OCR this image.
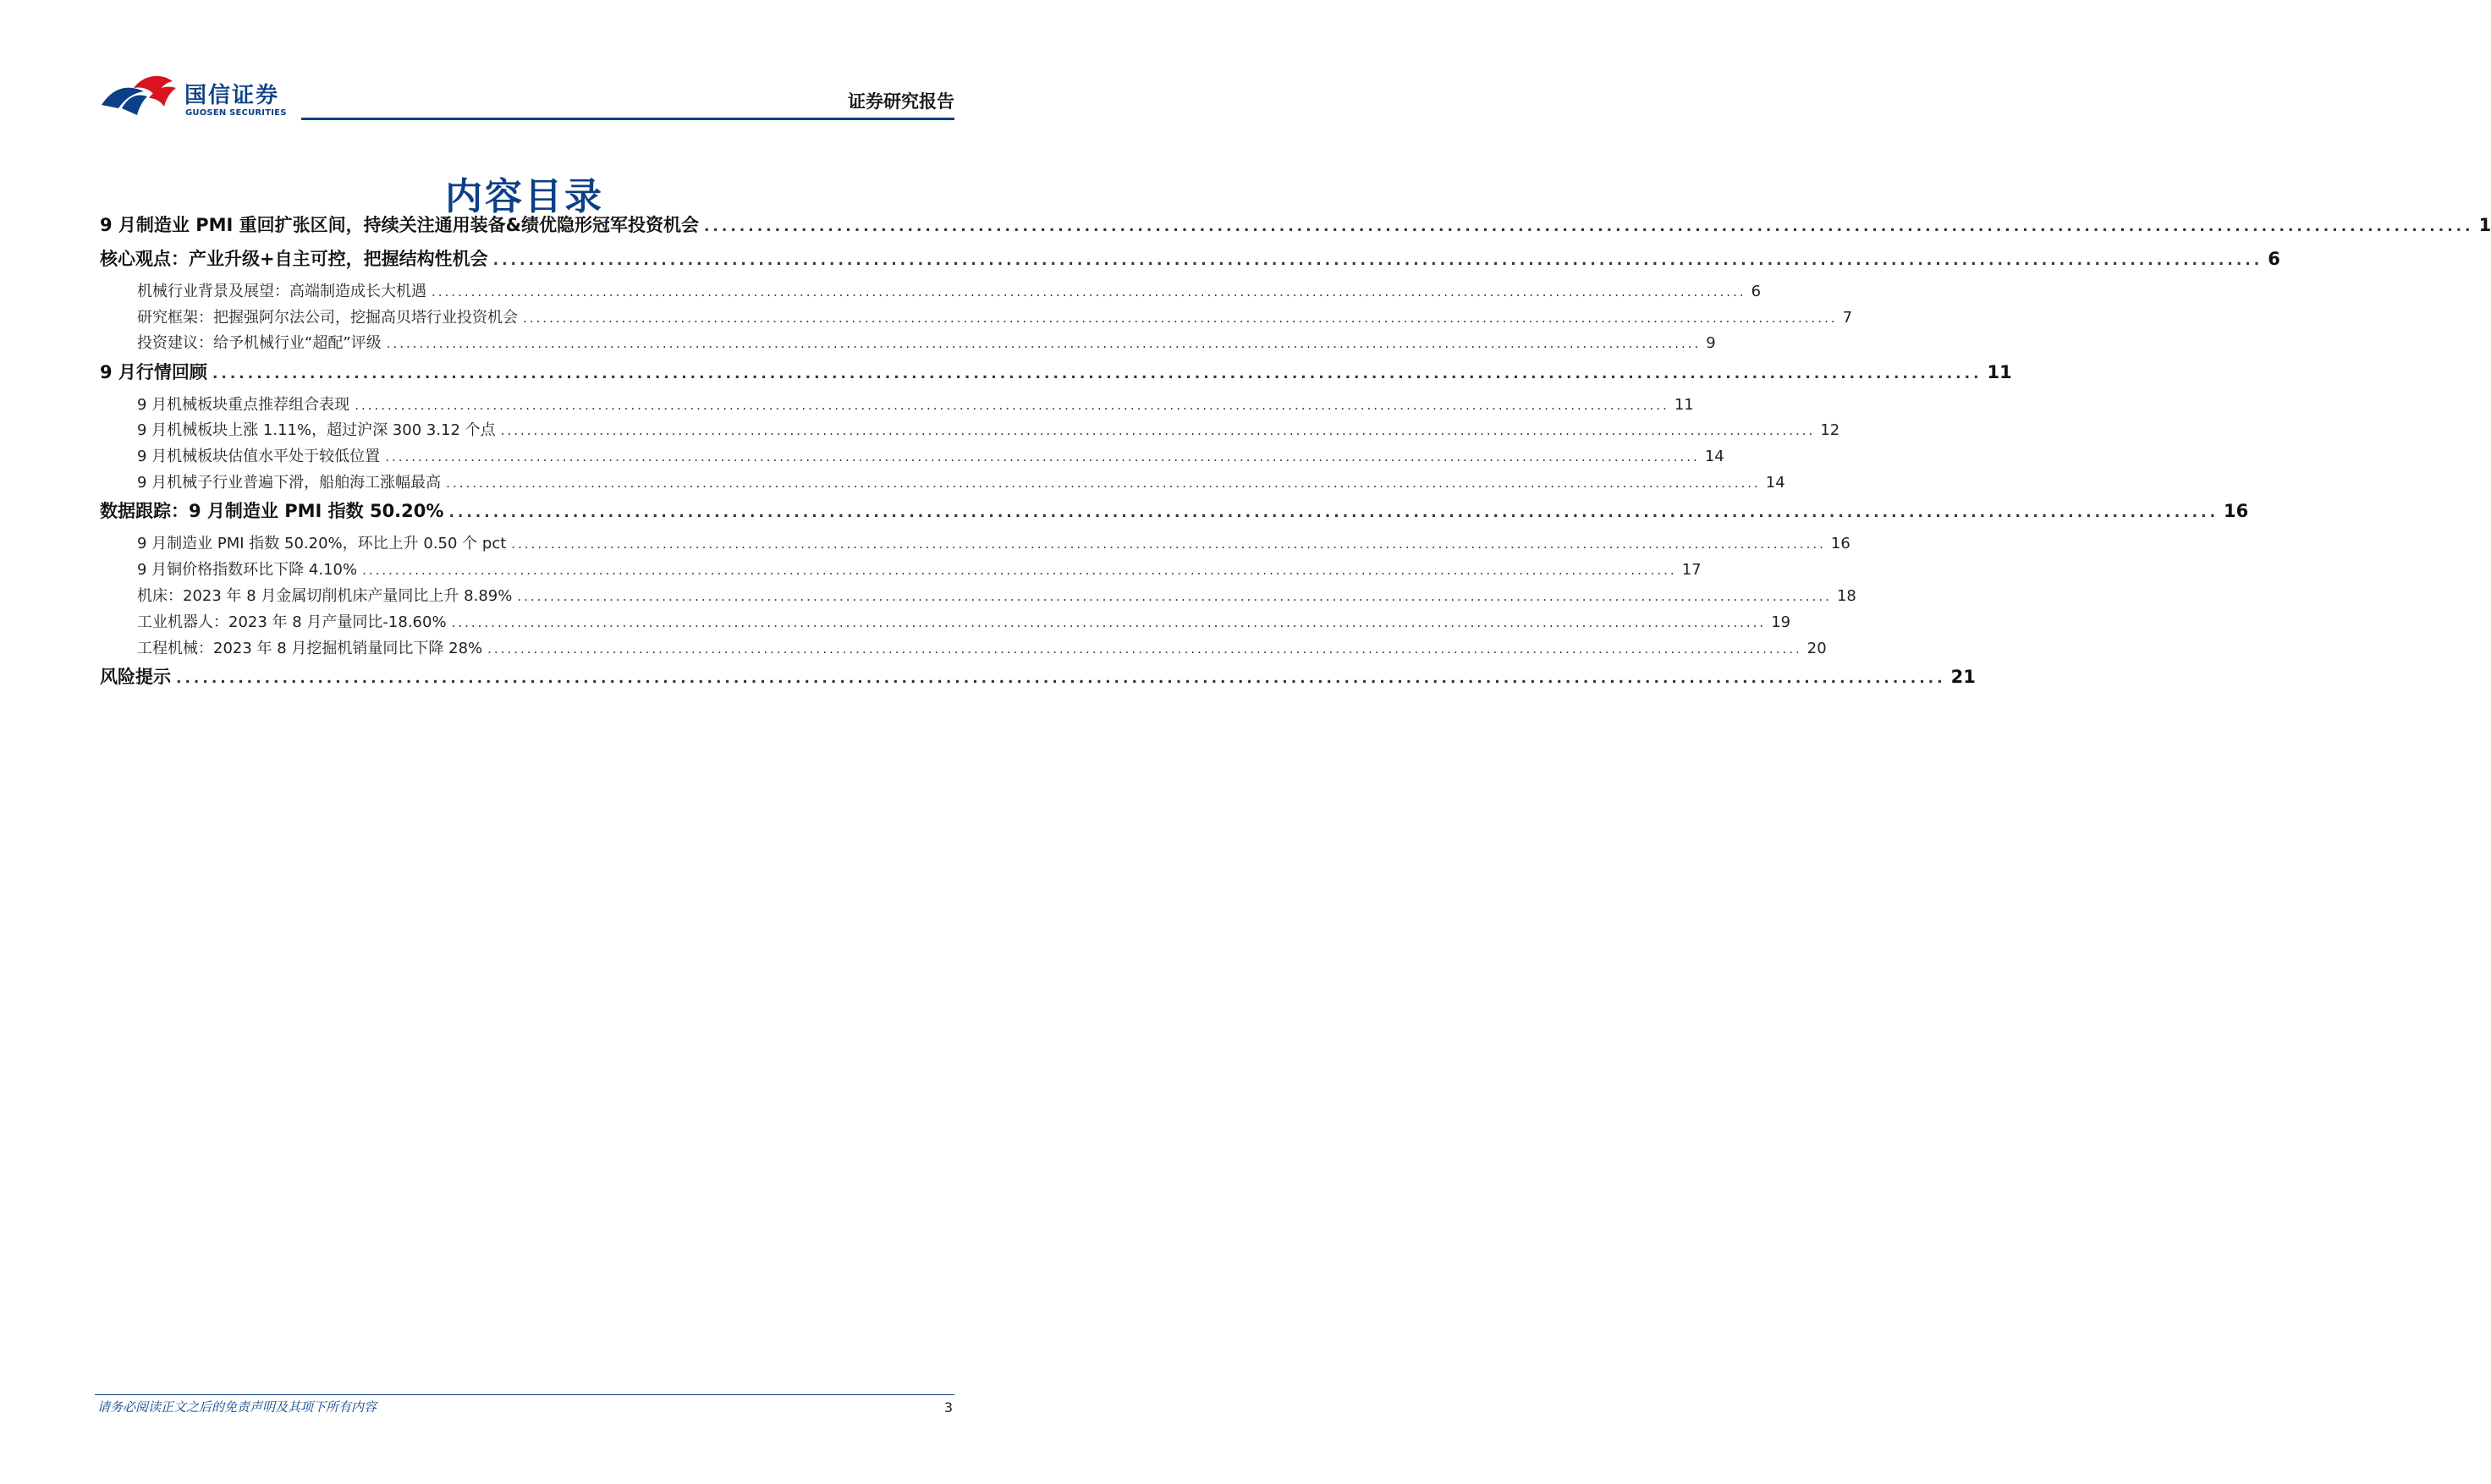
国信证券
GUOSEN SECURITIES
证券研究报告
内容目录
9 月制造业 PMI 重回扩张区间，持续关注通用装备&绩优隐形冠军投资机会 ........................................................................................................................................................................................................ 1
核心观点：产业升级+自主可控，把握结构性机会 ........................................................................................................................................................................................................ 6
机械行业背景及展望：高端制造成长大机遇 ........................................................................................................................................................................................................ 6
研究框架：把握强阿尔法公司，挖掘高贝塔行业投资机会 ........................................................................................................................................................................................................ 7
投资建议：给予机械行业“超配”评级 ........................................................................................................................................................................................................ 9
9 月行情回顾 ........................................................................................................................................................................................................ 11
9 月机械板块重点推荐组合表现 ........................................................................................................................................................................................................ 11
9 月机械板块上涨 1.11%，超过沪深 300 3.12 个点 ........................................................................................................................................................................................................ 12
9 月机械板块估值水平处于较低位置 ........................................................................................................................................................................................................ 14
9 月机械子行业普遍下滑，船舶海工涨幅最高 ........................................................................................................................................................................................................ 14
数据跟踪：9 月制造业 PMI 指数 50.20% ........................................................................................................................................................................................................ 16
9 月制造业 PMI 指数 50.20%，环比上升 0.50 个 pct ........................................................................................................................................................................................................ 16
9 月铜价格指数环比下降 4.10% ........................................................................................................................................................................................................ 17
机床：2023 年 8 月金属切削机床产量同比上升 8.89% ........................................................................................................................................................................................................ 18
工业机器人：2023 年 8 月产量同比-18.60% ........................................................................................................................................................................................................ 19
工程机械：2023 年 8 月挖掘机销量同比下降 28% ........................................................................................................................................................................................................ 20
风险提示 ........................................................................................................................................................................................................ 21
请务必阅读正文之后的免责声明及其项下所有内容	3
